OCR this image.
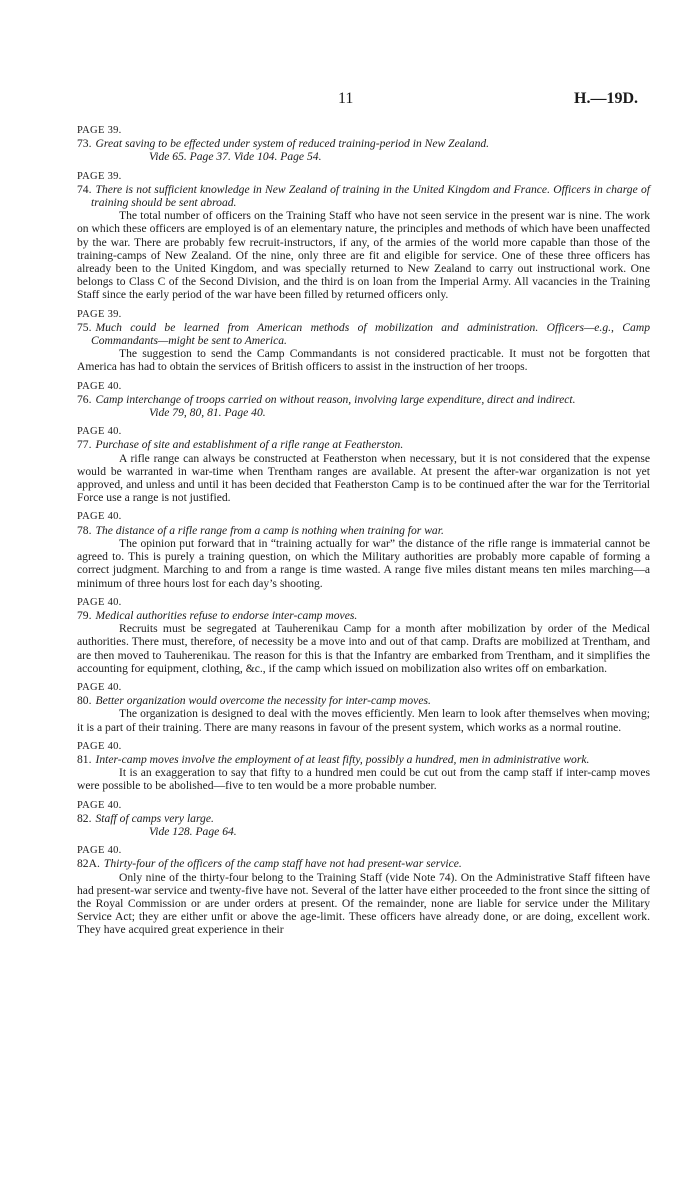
11	H.—19D.
PAGE 39.
73. Great saving to be effected under system of reduced training-period in New Zealand.
Vide 65. Page 37. Vide 104. Page 54.
PAGE 39.
74. There is not sufficient knowledge in New Zealand of training in the United Kingdom and France. Officers in charge of training should be sent abroad.
The total number of officers on the Training Staff who have not seen service in the present war is nine. The work on which these officers are employed is of an elementary nature, the principles and methods of which have been unaffected by the war. There are probably few recruit-instructors, if any, of the armies of the world more capable than those of the training-camps of New Zealand. Of the nine, only three are fit and eligible for service. One of these three officers has already been to the United Kingdom, and was specially returned to New Zealand to carry out instructional work. One belongs to Class C of the Second Division, and the third is on loan from the Imperial Army. All vacancies in the Training Staff since the early period of the war have been filled by returned officers only.
PAGE 39.
75. Much could be learned from American methods of mobilization and administration. Officers—e.g., Camp Commandants—might be sent to America.
The suggestion to send the Camp Commandants is not considered practicable. It must not be forgotten that America has had to obtain the services of British officers to assist in the instruction of her troops.
PAGE 40.
76. Camp interchange of troops carried on without reason, involving large expenditure, direct and indirect.
Vide 79, 80, 81. Page 40.
PAGE 40.
77. Purchase of site and establishment of a rifle range at Featherston.
A rifle range can always be constructed at Featherston when necessary, but it is not considered that the expense would be warranted in war-time when Trentham ranges are available. At present the after-war organization is not yet approved, and unless and until it has been decided that Featherston Camp is to be continued after the war for the Territorial Force use a range is not justified.
PAGE 40.
78. The distance of a rifle range from a camp is nothing when training for war.
The opinion put forward that in “training actually for war” the distance of the rifle range is immaterial cannot be agreed to. This is purely a training question, on which the Military authorities are probably more capable of forming a correct judgment. Marching to and from a range is time wasted. A range five miles distant means ten miles marching—a minimum of three hours lost for each day’s shooting.
PAGE 40.
79. Medical authorities refuse to endorse inter-camp moves.
Recruits must be segregated at Tauherenikau Camp for a month after mobilization by order of the Medical authorities. There must, therefore, of necessity be a move into and out of that camp. Drafts are mobilized at Trentham, and are then moved to Tauherenikau. The reason for this is that the Infantry are embarked from Trentham, and it simplifies the accounting for equipment, clothing, &c., if the camp which issued on mobilization also writes off on embarkation.
PAGE 40.
80. Better organization would overcome the necessity for inter-camp moves.
The organization is designed to deal with the moves efficiently. Men learn to look after themselves when moving; it is a part of their training. There are many reasons in favour of the present system, which works as a normal routine.
PAGE 40.
81. Inter-camp moves involve the employment of at least fifty, possibly a hundred, men in administrative work.
It is an exaggeration to say that fifty to a hundred men could be cut out from the camp staff if inter-camp moves were possible to be abolished—five to ten would be a more probable number.
PAGE 40.
82. Staff of camps very large.
Vide 128. Page 64.
PAGE 40.
82A. Thirty-four of the officers of the camp staff have not had present-war service.
Only nine of the thirty-four belong to the Training Staff (vide Note 74). On the Administrative Staff fifteen have had present-war service and twenty-five have not. Several of the latter have either proceeded to the front since the sitting of the Royal Commission or are under orders at present. Of the remainder, none are liable for service under the Military Service Act; they are either unfit or above the age-limit. These officers have already done, or are doing, excellent work. They have acquired great experience in their
